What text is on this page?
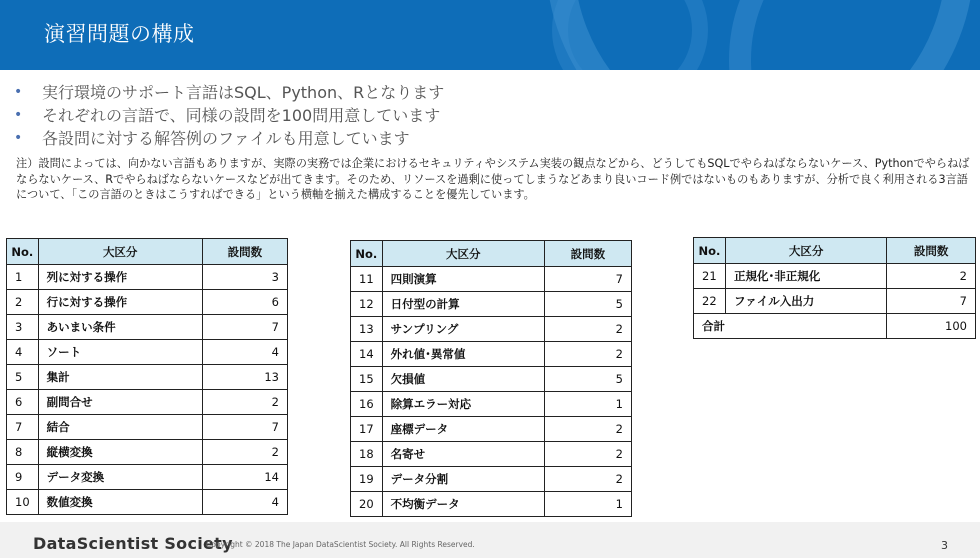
演習問題の構成
•	実行環境のサポート言語はSQL、Python、Rとなります
•	それぞれの言語で、同様の設問を100問用意しています
•	各設問に対する解答例のファイルも用意しています
注）設問によっては、向かない言語もありますが、実際の実務では企業におけるセキュリティやシステム実装の観点などから、どうしてもSQLでやらねばならないケース、Pythonでやらねばならないケース、Rでやらねばならないケースなどが出てきます。そのため、リソースを過剰に使ってしまうなどあまり良いコード例ではないものもありますが、分析で良く利用される3言語について、「この言語のときはこうすればできる」という横軸を揃えた構成することを優先しています。
No.	大区分	設問数
1	列に対する操作	3
2	行に対する操作	6
3	あいまい条件	7
4	ソート	4
5	集計	13
6	副問合せ	2
7	結合	7
8	縦横変換	2
9	データ変換	14
10	数値変換	4
No.	大区分	設問数
11	四則演算	7
12	日付型の計算	5
13	サンプリング	2
14	外れ値･異常値	2
15	欠損値	5
16	除算エラー対応	1
17	座標データ	2
18	名寄せ	2
19	データ分割	2
20	不均衡データ	1
No.	大区分	設問数
21	正規化･非正規化	2
22	ファイル入出力	7
合計		100
DataScientist Society
Copyright © 2018 The Japan DataScientist Society. All Rights Reserved.	3
